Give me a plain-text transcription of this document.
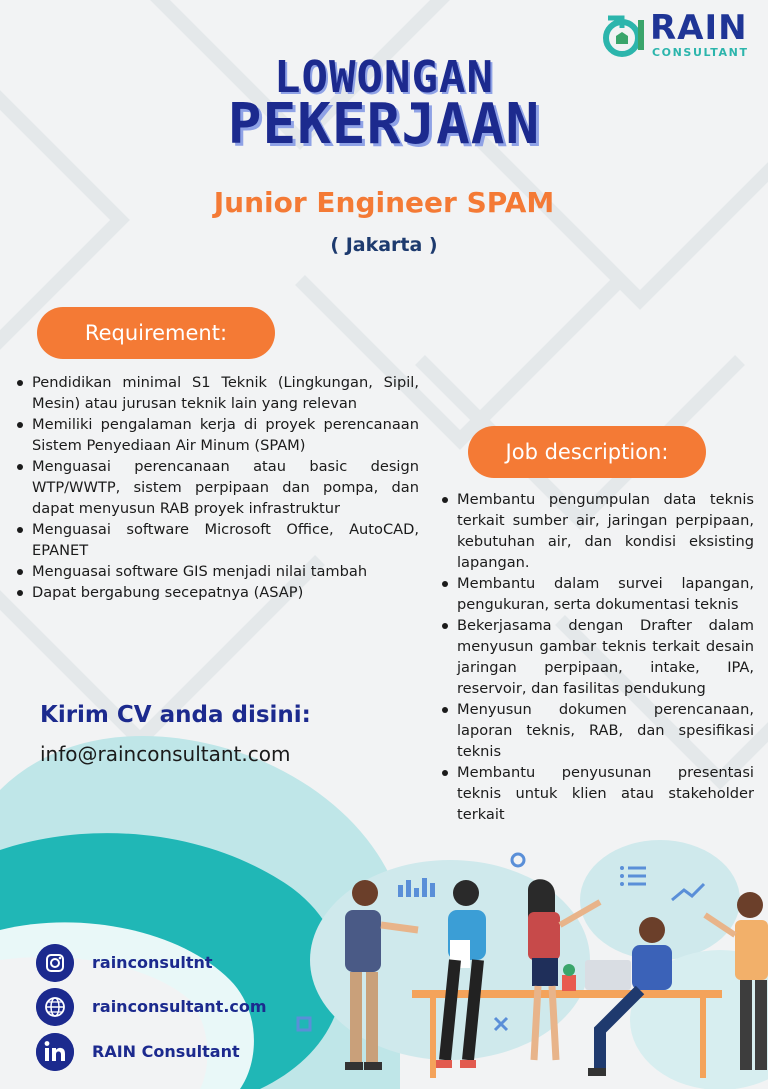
RAIN
CONSULTANT
LOWONGAN
PEKERJAAN
Junior Engineer SPAM
( Jakarta )
Requirement:
Pendidikan minimal S1 Teknik (Lingkungan, Sipil, Mesin) atau jurusan teknik lain yang relevan
Memiliki pengalaman kerja di proyek perencanaan Sistem Penyediaan Air Minum (SPAM)
Menguasai perencanaan atau basic design WTP/WWTP, sistem perpipaan dan pompa, dan dapat menyusun RAB proyek infrastruktur
Menguasai software Microsoft Office, AutoCAD, EPANET
Menguasai software GIS menjadi nilai tambah
Dapat bergabung secepatnya (ASAP)
Job description:
Membantu pengumpulan data teknis terkait sumber air, jaringan perpipaan, kebutuhan air, dan kondisi eksisting lapangan.
Membantu dalam survei lapangan, pengukuran, serta dokumentasi teknis
Bekerjasama dengan Drafter dalam menyusun gambar teknis terkait desain jaringan perpipaan, intake, IPA, reservoir, dan fasilitas pendukung
Menyusun dokumen perencanaan, laporan teknis, RAB, dan spesifikasi teknis
Membantu penyusunan presentasi teknis untuk klien atau stakeholder terkait
Kirim CV anda disini:
info@rainconsultant.com
rainconsultnt
rainconsultant.com
RAIN Consultant
